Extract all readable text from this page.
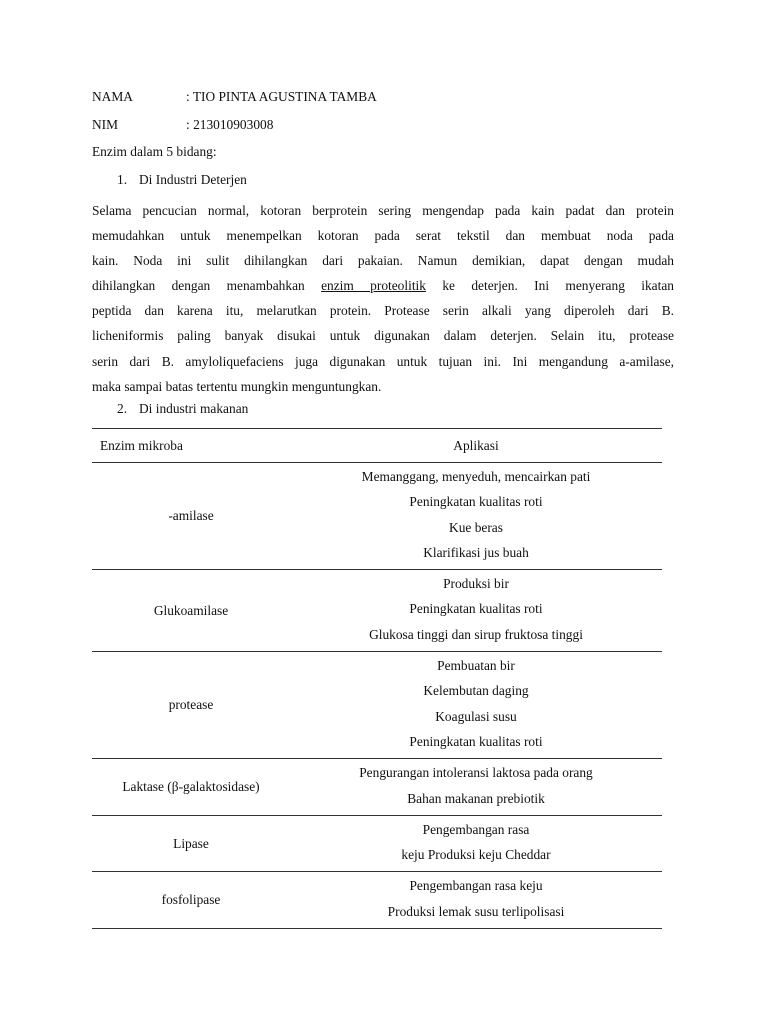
NAMA	: TIO PINTA AGUSTINA TAMBA
NIM	: 213010903008
Enzim dalam 5 bidang:
1. Di Industri Deterjen
Selama pencucian normal, kotoran berprotein sering mengendap pada kain padat dan protein
memudahkan untuk menempelkan kotoran pada serat tekstil dan membuat noda pada
kain. Noda ini sulit dihilangkan dari pakaian. Namun demikian, dapat dengan mudah
dihilangkan dengan menambahkan enzim proteolitik ke deterjen. Ini menyerang ikatan
peptida dan karena itu, melarutkan protein. Protease serin alkali yang diperoleh dari B.
licheniformis paling banyak disukai untuk digunakan dalam deterjen. Selain itu, protease
serin dari B. amyloliquefaciens juga digunakan untuk tujuan ini. Ini mengandung a-amilase,
maka sampai batas tertentu mungkin menguntungkan.
2. Di industri makanan
Enzim mikroba	Aplikasi
-amilase	Memanggang, menyeduh, mencairkan pati
Peningkatan kualitas roti
Kue beras
Klarifikasi jus buah

Glukoamilase	Produksi bir
Peningkatan kualitas roti
Glukosa tinggi dan sirup fruktosa tinggi

protease	Pembuatan bir
Kelembutan daging
Koagulasi susu
Peningkatan kualitas roti

Laktase (β-galaktosidase)	Pengurangan intoleransi laktosa pada orang
Bahan makanan prebiotik

Lipase	Pengembangan rasa
keju Produksi keju Cheddar

fosfolipase	Pengembangan rasa keju
Produksi lemak susu terlipolisasi
